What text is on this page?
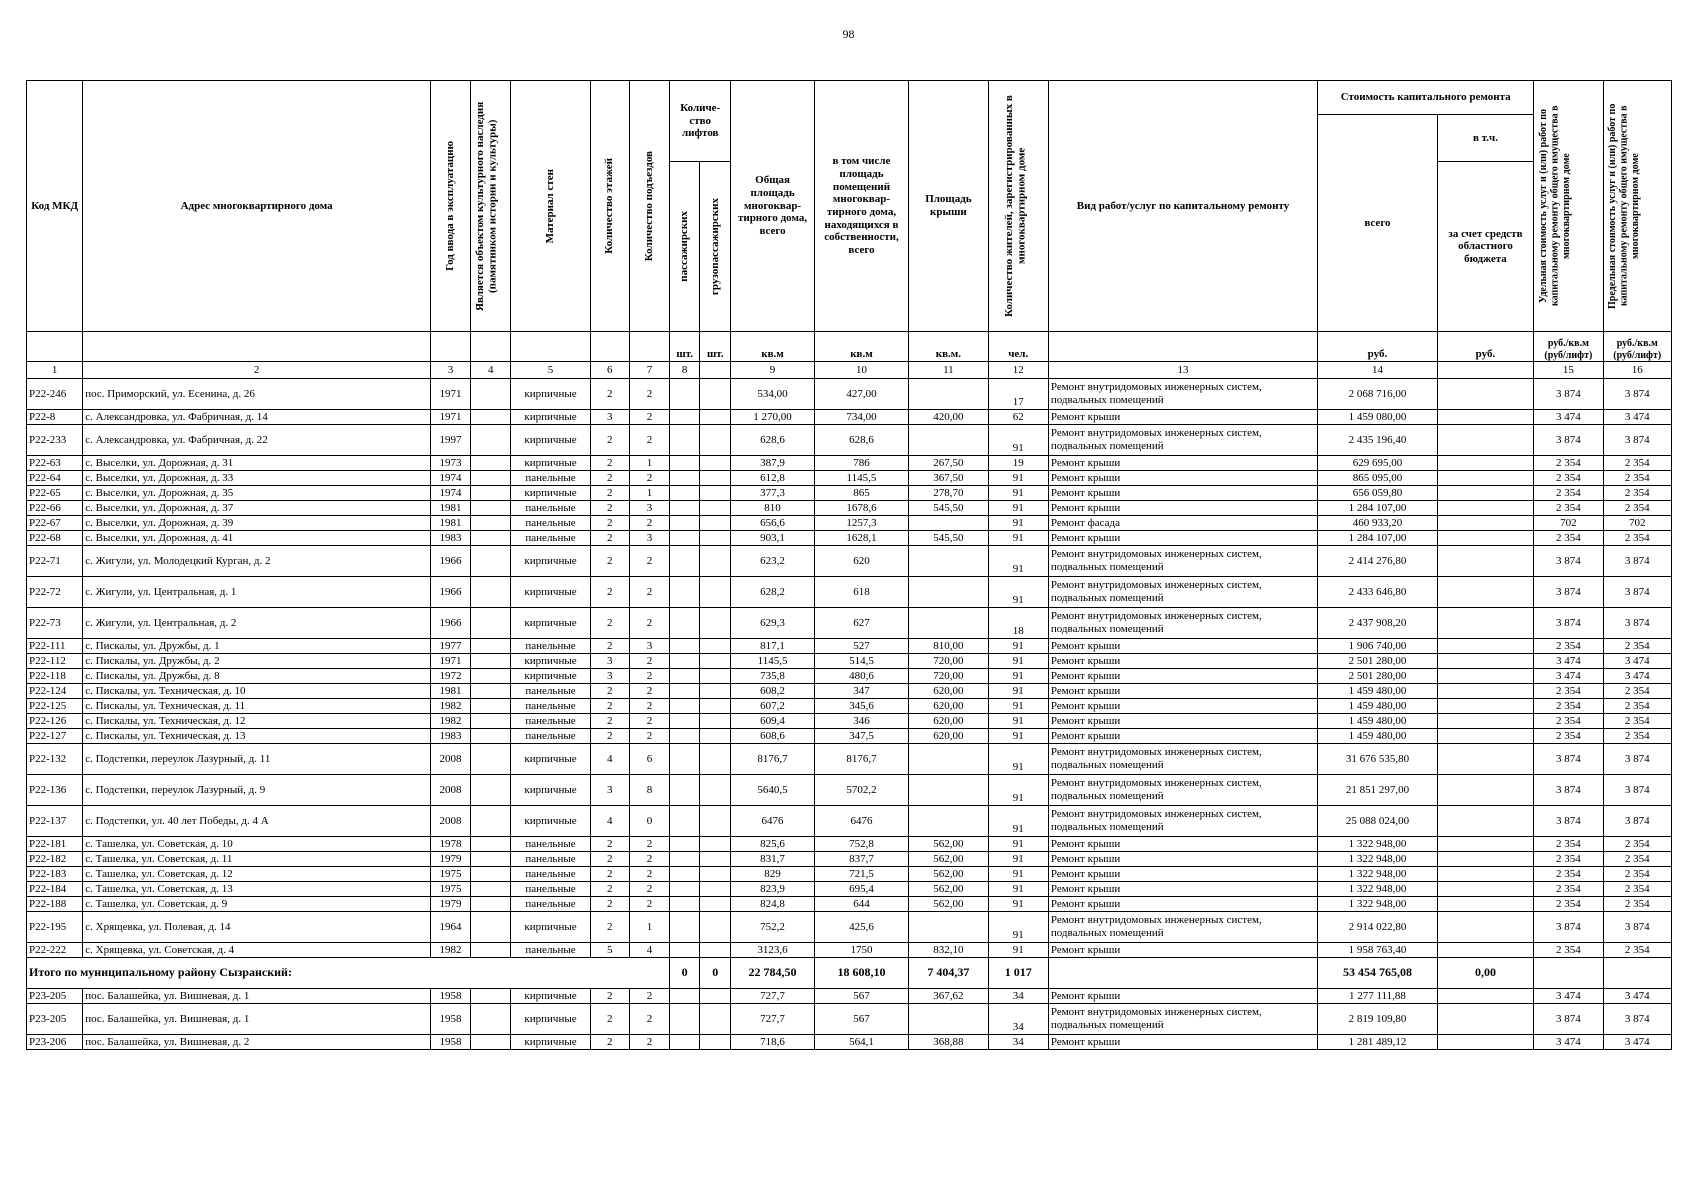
98
Код МКД	Адрес многоквартирного дома	Год ввода в эксплуатацию	Является объектом культурного наследия (памятником истории и культуры)	Материал стен	Количество этажей	Количество подъездов	Количе-ство лифтов		Общая площадь многоквар-тирного дома, всего	в том числе площадь помещений многоквар-тирного дома, находящихся в собственности, всего	Площадь крыши	Количество жителей, зарегистрированных в многоквартирном доме	Вид работ/услуг по капитальному ремонту	Стоимость капитального ремонта		Удельная стоимость услуг и (или) работ по капитальному ремонту общего имущества в многоквартирном доме	Предельная стоимость услуг и (или) работ по капитальному ремонту общего имущества в многоквартирном доме

														всего	в т.ч.		

							пассажирских	грузопассажирских							за счет средств областного бюджета		
							шт.	шт.	кв.м	кв.м	кв.м.	чел.		руб.	руб.	руб./кв.м (руб/лифт)	руб./кв.м (руб/лифт)
1	2	3	4	5	6	7	8		9	10	11	12	13	14		15	16
Р22-246	пос. Приморский, ул. Есенина, д. 26	1971		кирпичные	2	2			534,00	427,00		17	Ремонт внутридомовых инженерных систем, подвальных помещений	2 068 716,00		3 874	3 874
Р22-8	с. Александровка, ул. Фабричная, д. 14	1971		кирпичные	3	2			1 270,00	734,00	420,00	62	Ремонт крыши	1 459 080,00		3 474	3 474
Р22-233	с. Александровка, ул. Фабричная, д. 22	1997		кирпичные	2	2			628,6	628,6		91	Ремонт внутридомовых инженерных систем, подвальных помещений	2 435 196,40		3 874	3 874
Р22-63	с. Выселки, ул. Дорожная, д. 31	1973		кирпичные	2	1			387,9	786	267,50	19	Ремонт крыши	629 695,00		2 354	2 354
Р22-64	с. Выселки, ул. Дорожная, д. 33	1974		панельные	2	2			612,8	1145,5	367,50	91	Ремонт крыши	865 095,00		2 354	2 354
Р22-65	с. Выселки, ул. Дорожная, д. 35	1974		кирпичные	2	1			377,3	865	278,70	91	Ремонт крыши	656 059,80		2 354	2 354
Р22-66	с. Выселки, ул. Дорожная, д. 37	1981		панельные	2	3			810	1678,6	545,50	91	Ремонт крыши	1 284 107,00		2 354	2 354
Р22-67	с. Выселки, ул. Дорожная, д. 39	1981		панельные	2	2			656,6	1257,3		91	Ремонт фасада	460 933,20		702	702
Р22-68	с. Выселки, ул. Дорожная, д. 41	1983		панельные	2	3			903,1	1628,1	545,50	91	Ремонт крыши	1 284 107,00		2 354	2 354
Р22-71	с. Жигули, ул. Молодецкий Курган, д. 2	1966		кирпичные	2	2			623,2	620		91	Ремонт внутридомовых инженерных систем, подвальных помещений	2 414 276,80		3 874	3 874
Р22-72	с. Жигули, ул. Центральная, д. 1	1966		кирпичные	2	2			628,2	618		91	Ремонт внутридомовых инженерных систем, подвальных помещений	2 433 646,80		3 874	3 874
Р22-73	с. Жигули, ул. Центральная, д. 2	1966		кирпичные	2	2			629,3	627		18	Ремонт внутридомовых инженерных систем, подвальных помещений	2 437 908,20		3 874	3 874
Р22-111	с. Пискалы, ул. Дружбы, д. 1	1977		панельные	2	3			817,1	527	810,00	91	Ремонт крыши	1 906 740,00		2 354	2 354
Р22-112	с. Пискалы, ул. Дружбы, д. 2	1971		кирпичные	3	2			1145,5	514,5	720,00	91	Ремонт крыши	2 501 280,00		3 474	3 474
Р22-118	с. Пискалы, ул. Дружбы, д. 8	1972		кирпичные	3	2			735,8	480,6	720,00	91	Ремонт крыши	2 501 280,00		3 474	3 474
Р22-124	с. Пискалы, ул. Техническая, д. 10	1981		панельные	2	2			608,2	347	620,00	91	Ремонт крыши	1 459 480,00		2 354	2 354
Р22-125	с. Пискалы, ул. Техническая, д. 11	1982		панельные	2	2			607,2	345,6	620,00	91	Ремонт крыши	1 459 480,00		2 354	2 354
Р22-126	с. Пискалы, ул. Техническая, д. 12	1982		панельные	2	2			609,4	346	620,00	91	Ремонт крыши	1 459 480,00		2 354	2 354
Р22-127	с. Пискалы, ул. Техническая, д. 13	1983		панельные	2	2			608,6	347,5	620,00	91	Ремонт крыши	1 459 480,00		2 354	2 354
Р22-132	с. Подстепки, переулок Лазурный, д. 11	2008		кирпичные	4	6			8176,7	8176,7		91	Ремонт внутридомовых инженерных систем, подвальных помещений	31 676 535,80		3 874	3 874
Р22-136	с. Подстепки, переулок Лазурный, д. 9	2008		кирпичные	3	8			5640,5	5702,2		91	Ремонт внутридомовых инженерных систем, подвальных помещений	21 851 297,00		3 874	3 874
Р22-137	с. Подстепки, ул. 40 лет Победы, д. 4 А	2008		кирпичные	4	0			6476	6476		91	Ремонт внутридомовых инженерных систем, подвальных помещений	25 088 024,00		3 874	3 874
Р22-181	с. Ташелка, ул. Советская, д. 10	1978		панельные	2	2			825,6	752,8	562,00	91	Ремонт крыши	1 322 948,00		2 354	2 354
Р22-182	с. Ташелка, ул. Советская, д. 11	1979		панельные	2	2			831,7	837,7	562,00	91	Ремонт крыши	1 322 948,00		2 354	2 354
Р22-183	с. Ташелка, ул. Советская, д. 12	1975		панельные	2	2			829	721,5	562,00	91	Ремонт крыши	1 322 948,00		2 354	2 354
Р22-184	с. Ташелка, ул. Советская, д. 13	1975		панельные	2	2			823,9	695,4	562,00	91	Ремонт крыши	1 322 948,00		2 354	2 354
Р22-188	с. Ташелка, ул. Советская, д. 9	1979		панельные	2	2			824,8	644	562,00	91	Ремонт крыши	1 322 948,00		2 354	2 354
Р22-195	с. Хрящевка, ул. Полевая, д. 14	1964		кирпичные	2	1			752,2	425,6		91	Ремонт внутридомовых инженерных систем, подвальных помещений	2 914 022,80		3 874	3 874
Р22-222	с. Хрящевка, ул. Советская, д. 4	1982		панельные	5	4			3123,6	1750	832,10	91	Ремонт крыши	1 958 763,40		2 354	2 354
Итого по муниципальному району Сызранский:							0	0	22 784,50	18 608,10	7 404,37	1 017		53 454 765,08	0,00		
Р23-205	пос. Балашейка, ул. Вишневая, д. 1	1958		кирпичные	2	2			727,7	567	367,62	34	Ремонт крыши	1 277 111,88		3 474	3 474
Р23-205	пос. Балашейка, ул. Вишневая, д. 1	1958		кирпичные	2	2			727,7	567		34	Ремонт внутридомовых инженерных систем, подвальных помещений	2 819 109,80		3 874	3 874
Р23-206	пос. Балашейка, ул. Вишневая, д. 2	1958		кирпичные	2	2			718,6	564,1	368,88	34	Ремонт крыши	1 281 489,12		3 474	3 474
